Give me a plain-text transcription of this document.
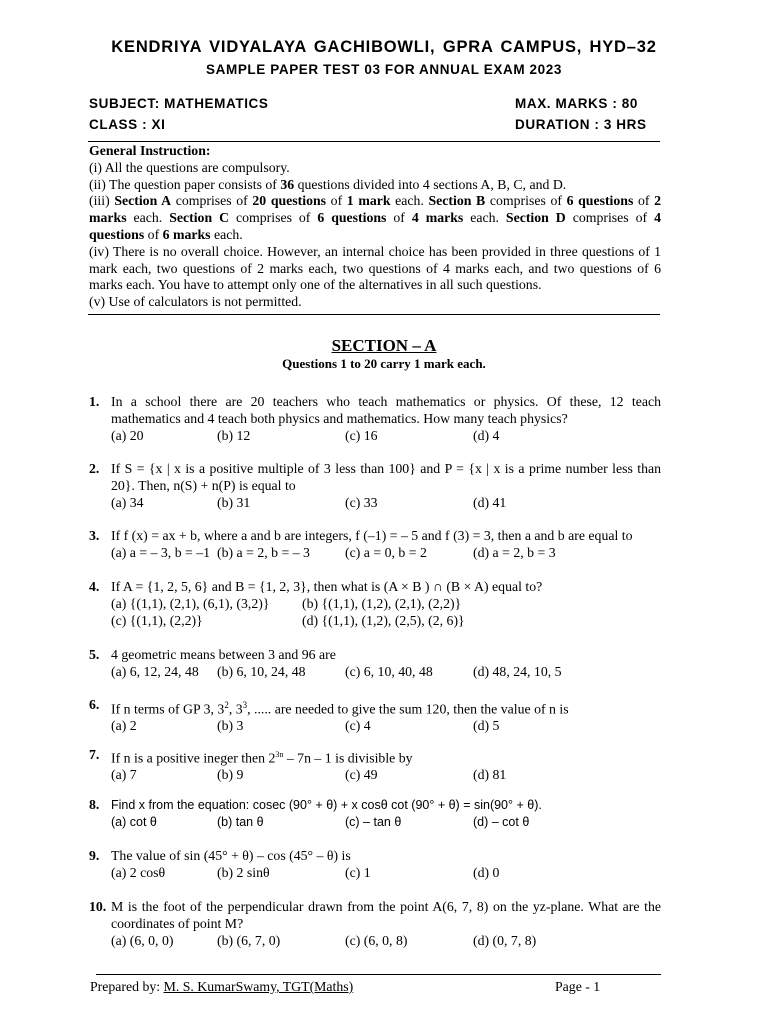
KENDRIYA VIDYALAYA GACHIBOWLI, GPRA CAMPUS, HYD–32
SAMPLE PAPER TEST 03 FOR ANNUAL EXAM 2023
SUBJECT: MATHEMATICS	MAX. MARKS : 80
CLASS : XI	DURATION : 3 HRS

General Instruction:

(i) All the questions are compulsory.

(ii) The question paper consists of 36 questions divided into 4 sections A, B, C, and D.

(iii) Section A comprises of 20 questions of 1 mark each. Section B comprises of 6 questions of 2 marks each. Section C comprises of 6 questions of 4 marks each. Section D comprises of 4 questions of 6 marks each.

(iv) There is no overall choice. However, an internal choice has been provided in three questions of 1 mark each, two questions of 2 marks each, two questions of 4 marks each, and two questions of 6 marks each. You have to attempt only one of the alternatives in all such questions.

(v) Use of calculators is not permitted.

SECTION – A
Questions 1 to 20 carry 1 mark each.
1. In a school there are 20 teachers who teach mathematics or physics. Of these, 12 teach mathematics and 4 teach both physics and mathematics. How many teach physics?
(a) 20	(b) 12	(c) 16	(d) 4
2. If S = {x | x is a positive multiple of 3 less than 100} and P = {x | x is a prime number less than 20}. Then, n(S) + n(P) is equal to
(a) 34	(b) 31	(c) 33	(d) 41
3. If f (x) = ax + b, where a and b are integers, f (–1) = – 5 and f (3) = 3, then a and b are equal to
(a) a = – 3, b = –1 (b) a = 2, b = – 3	(c) a = 0, b = 2	(d) a = 2, b = 3
4. If A = {1, 2, 5, 6} and B = {1, 2, 3}, then what is (A × B ) ∩ (B × A) equal to?
(a) {(1,1), (2,1), (6,1), (3,2)} (b) {(1,1), (1,2), (2,1), (2,2)}
(c) {(1,1), (2,2)}	(d) {(1,1), (1,2), (2,5), (2, 6)}
5. 4 geometric means between 3 and 96 are
(a) 6, 12, 24, 48 (b) 6, 10, 24, 48	(c) 6, 10, 40, 48	(d) 48, 24, 10, 5
6. If n terms of GP 3, $3^2$, $3^3$, ..... are needed to give the sum 120, then the value of n is
(a) 2	(b) 3	(c) 4	(d) 5
7. If n is a positive ineger then $2^{3n} - 7n - 1$ is divisible by
(a) 7	(b) 9	(c) 49	(d) 81
8. Find x from the equation: cosec (90° + θ) + x cosθ cot (90° + θ) = sin(90° + θ).
(a) cot θ	(b) tan θ	(c) – tan θ	(d) – cot θ
9. The value of sin (45° + θ) – cos (45° – θ) is
(a) 2 cosθ	(b) 2 sinθ	(c) 1	(d) 0
10. M is the foot of the perpendicular drawn from the point A(6, 7, 8) on the yz-plane. What are the coordinates of point M?
(a) (6, 0, 0)	(b) (6, 7, 0)	(c) (6, 0, 8)	(d) (0, 7, 8)
Prepared by: M. S. KumarSwamy, TGT(Maths)	Page - 1
